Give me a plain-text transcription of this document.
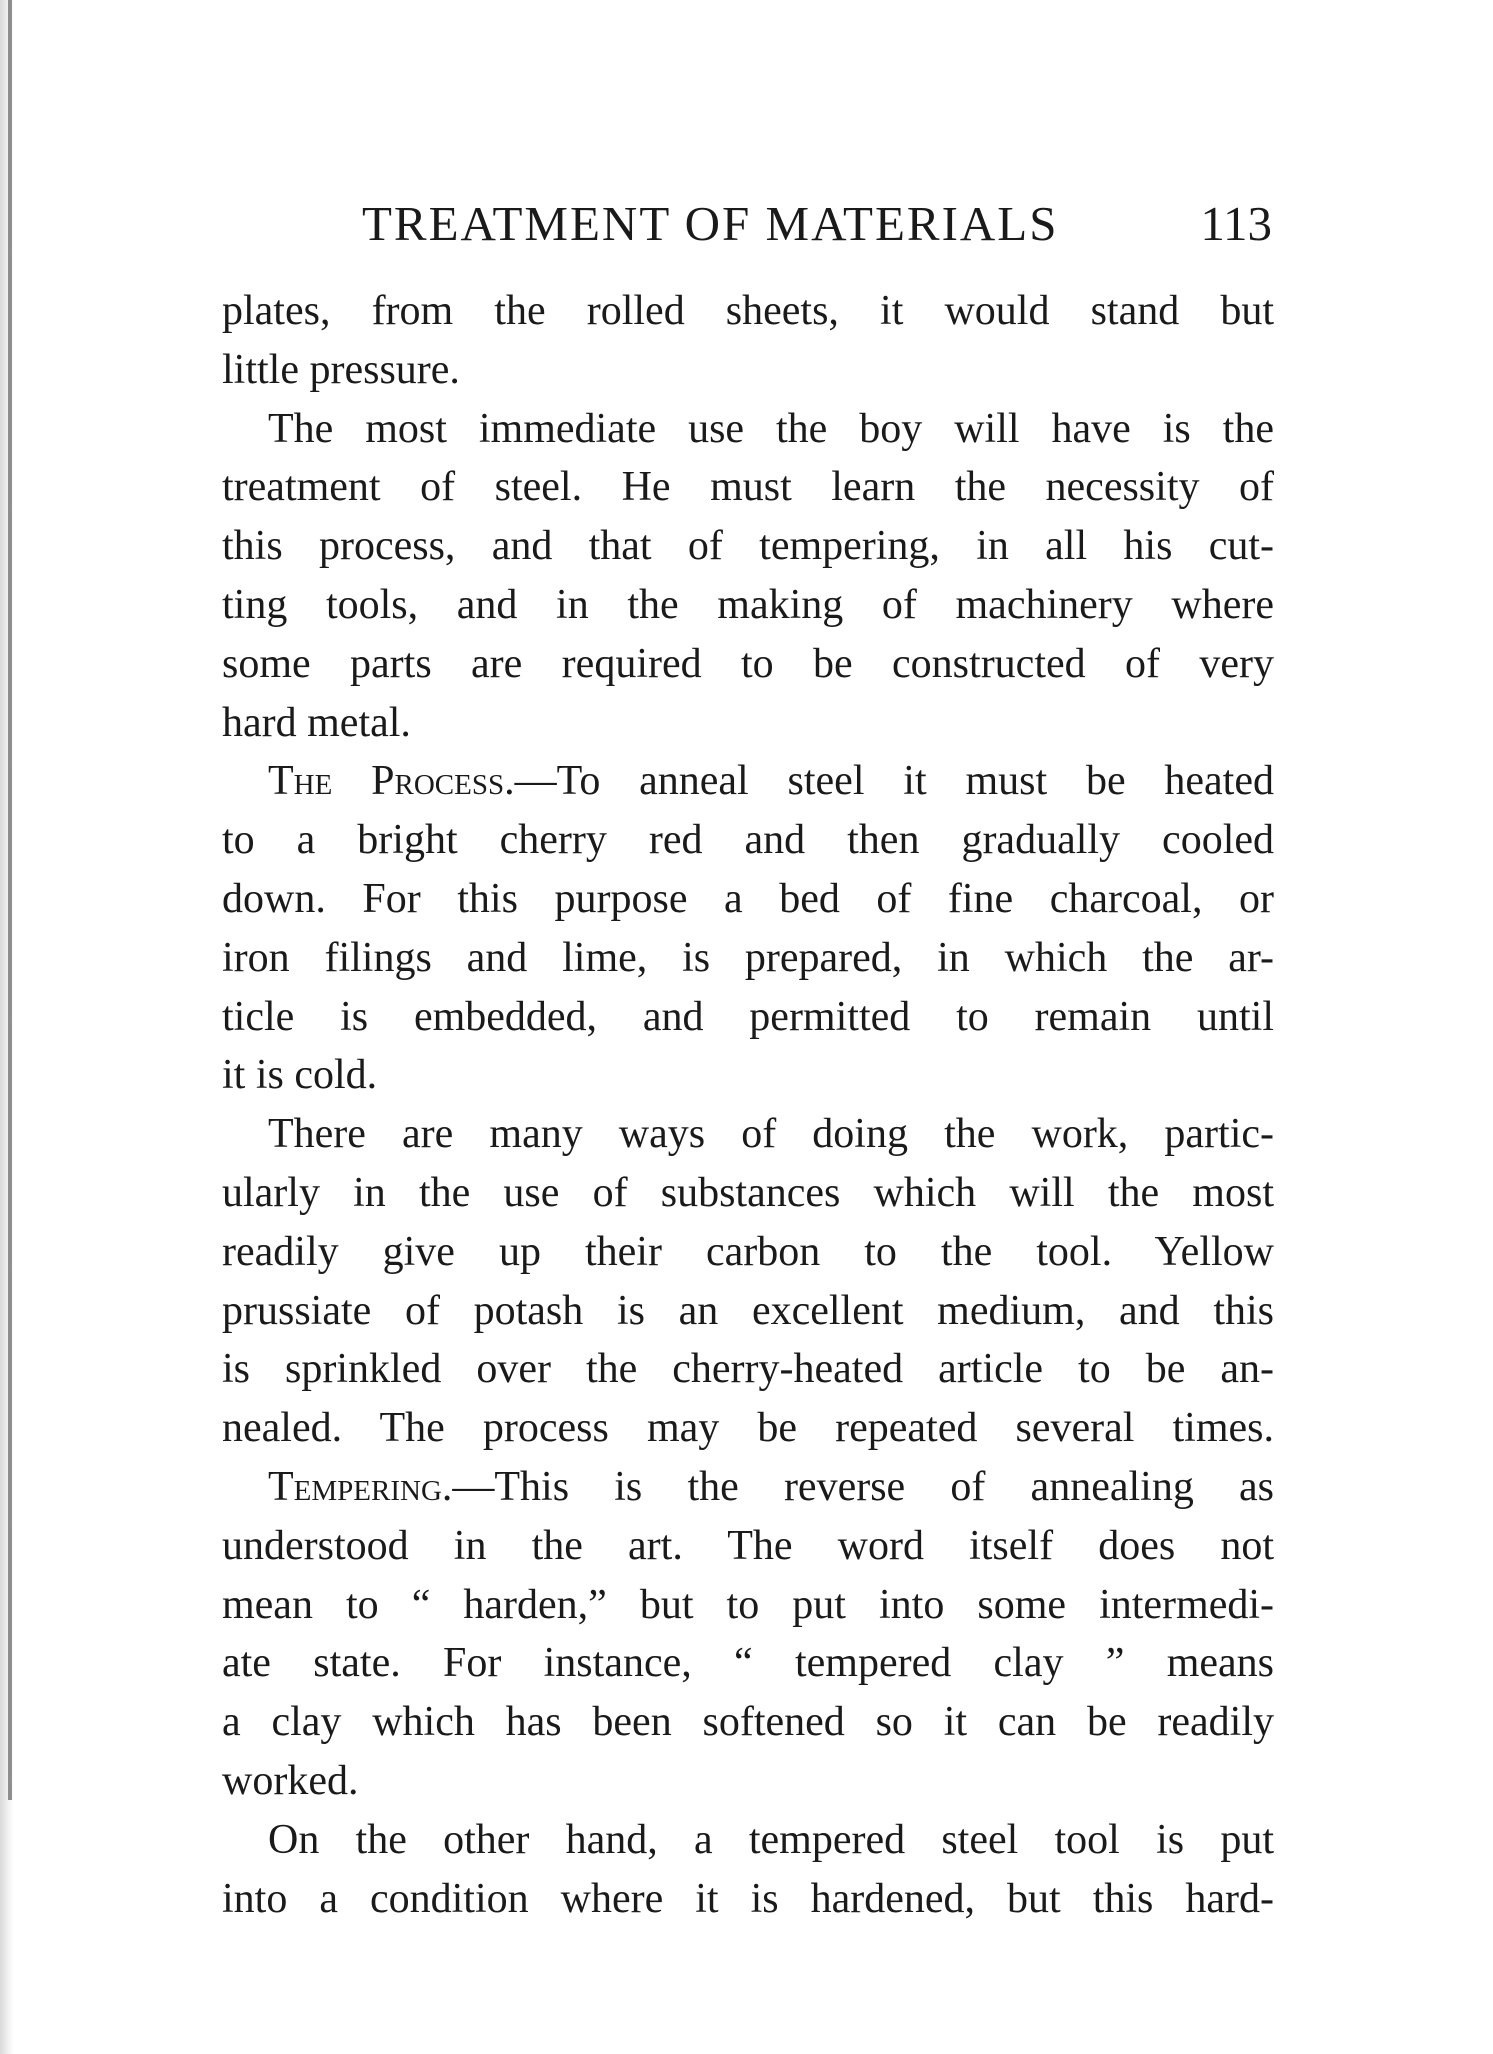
TREATMENT OF MATERIALS	113
plates, from the rolled sheets, it would stand but
little pressure.
The most immediate use the boy will have is the
treatment of steel. He must learn the necessity of
this process, and that of tempering, in all his cut-
ting tools, and in the making of machinery where
some parts are required to be constructed of very
hard metal.
The Process.—To anneal steel it must be heated
to a bright cherry red and then gradually cooled
down. For this purpose a bed of fine charcoal, or
iron filings and lime, is prepared, in which the ar-
ticle is embedded, and permitted to remain until
it is cold.
There are many ways of doing the work, partic-
ularly in the use of substances which will the most
readily give up their carbon to the tool. Yellow
prussiate of potash is an excellent medium, and this
is sprinkled over the cherry-heated article to be an-
nealed. The process may be repeated several times.
Tempering.—This is the reverse of annealing as
understood in the art. The word itself does not
mean to “ harden,” but to put into some intermedi-
ate state. For instance, “ tempered clay ” means
a clay which has been softened so it can be readily
worked.
On the other hand, a tempered steel tool is put
into a condition where it is hardened, but this hard-
